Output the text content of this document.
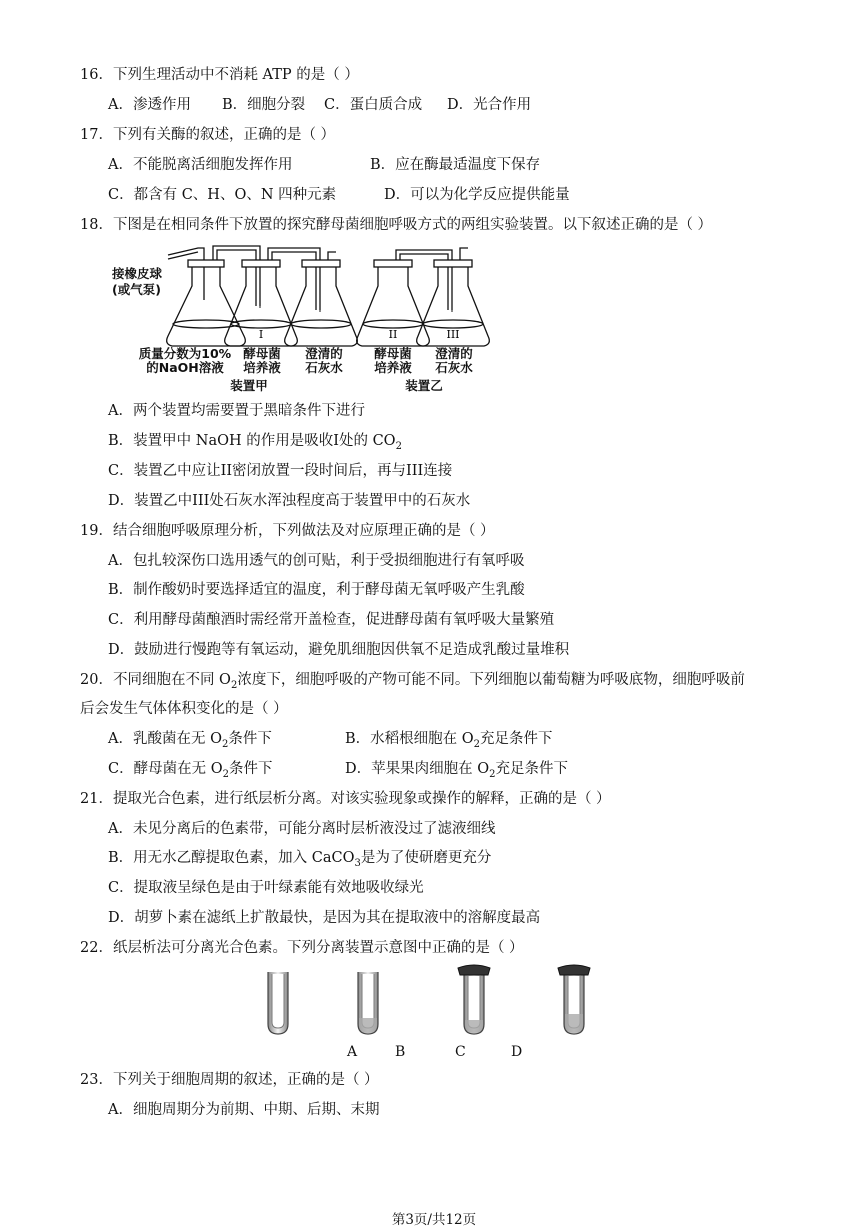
16．下列生理活动中不消耗 ATP 的是（ ）
A．渗透作用 B．细胞分裂 C．蛋白质合成 D．光合作用
17．下列有关酶的叙述，正确的是（ ）
A．不能脱离活细胞发挥作用	B．应在酶最适温度下保存
C．都含有 C、H、O、N 四种元素	D．可以为化学反应提供能量
18．下图是在相同条件下放置的探究酵母菌细胞呼吸方式的两组实验装置。以下叙述正确的是（ ）
I	II	III
接橡皮球
(或气泵)
质量分数为10%
的NaOH溶液
酵母菌
培养液
澄清的
石灰水
酵母菌
培养液
澄清的
石灰水
装置甲	装置乙
A．两个装置均需要置于黑暗条件下进行
B．装置甲中 NaOH 的作用是吸收I处的 $CO_2$
C．装置乙中应让II密闭放置一段时间后，再与III连接
D．装置乙中III处石灰水浑浊程度高于装置甲中的石灰水
19．结合细胞呼吸原理分析，下列做法及对应原理正确的是（ ）
A．包扎较深伤口选用透气的创可贴，利于受损细胞进行有氧呼吸
B．制作酸奶时要选择适宜的温度，利于酵母菌无氧呼吸产生乳酸
C．利用酵母菌酿酒时需经常开盖检查，促进酵母菌有氧呼吸大量繁殖
D．鼓励进行慢跑等有氧运动，避免肌细胞因供氧不足造成乳酸过量堆积
20．不同细胞在不同 $O_2$浓度下，细胞呼吸的产物可能不同。下列细胞以葡萄糖为呼吸底物，细胞呼吸前
后会发生气体体积变化的是（ ）
A．乳酸菌在无 $O_2$条件下	B．水稻根细胞在 $O_2$充足条件下
C．酵母菌在无 $O_2$条件下	D．苹果果肉细胞在 $O_2$充足条件下
21．提取光合色素，进行纸层析分离。对该实验现象或操作的解释，正确的是（ ）
A．未见分离后的色素带，可能分离时层析液没过了滤液细线
B．用无水乙醇提取色素，加入 CaCO$_3$是为了使研磨更充分
C．提取液呈绿色是由于叶绿素能有效地吸收绿光
D．胡萝卜素在滤纸上扩散最快，是因为其在提取液中的溶解度最高
22．纸层析法可分离光合色素。下列分离装置示意图中正确的是（ ）
A	B	C	D
23．下列关于细胞周期的叙述，正确的是（ ）
A．细胞周期分为前期、中期、后期、末期
第3页/共12页
